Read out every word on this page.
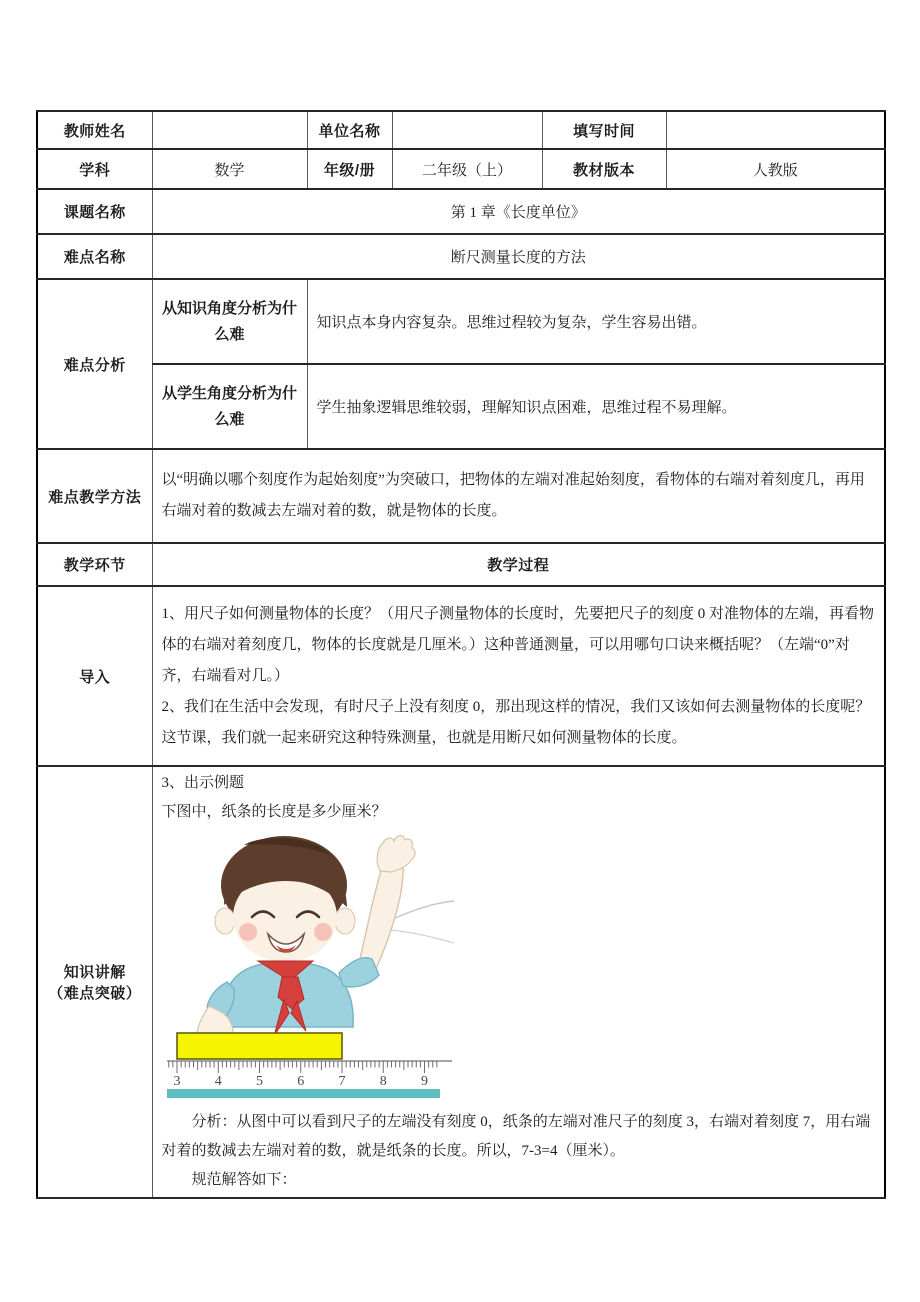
教师姓名		单位名称		填写时间	
学科	数学	年级/册	二年级（上）	教材版本	人教版
课题名称	第 1 章《长度单位》				
难点名称	断尺测量长度的方法				
难点分析	从知识角度分析为什么难	知识点本身内容复杂。思维过程较为复杂，学生容易出错。			
	从学生角度分析为什么难	学生抽象逻辑思维较弱，理解知识点困难，思维过程不易理解。			
难点教学方法	以“明确以哪个刻度作为起始刻度”为突破口，把物体的左端对准起始刻度，看物体的右端对着刻度几，再用右端对着的数减去左端对着的数，就是物体的长度。				
教学环节	教学过程				
导入	1、用尺子如何测量物体的长度？（用尺子测量物体的长度时，先要把尺子的刻度 0 对准物体的左端，再看物体的右端对着刻度几，物体的长度就是几厘米。）这种普通测量，可以用哪句口诀来概括呢？（左端“0”对齐，右端看对几。）

2、我们在生活中会发现，有时尺子上没有刻度 0，那出现这样的情况，我们又该如何去测量物体的长度呢？这节课，我们就一起来研究这种特殊测量，也就是用断尺如何测量物体的长度。				

知识讲解
（难点突破）

3、出示例题

下图中，纸条的长度是多少厘米？

3 4 5 6 7 8 9

分析：从图中可以看到尺子的左端没有刻度 0，纸条的左端对准尺子的刻度 3，右端对着刻度 7，用右端对着的数减去左端对着的数，就是纸条的长度。所以，7-3=4（厘米）。

规范解答如下：
